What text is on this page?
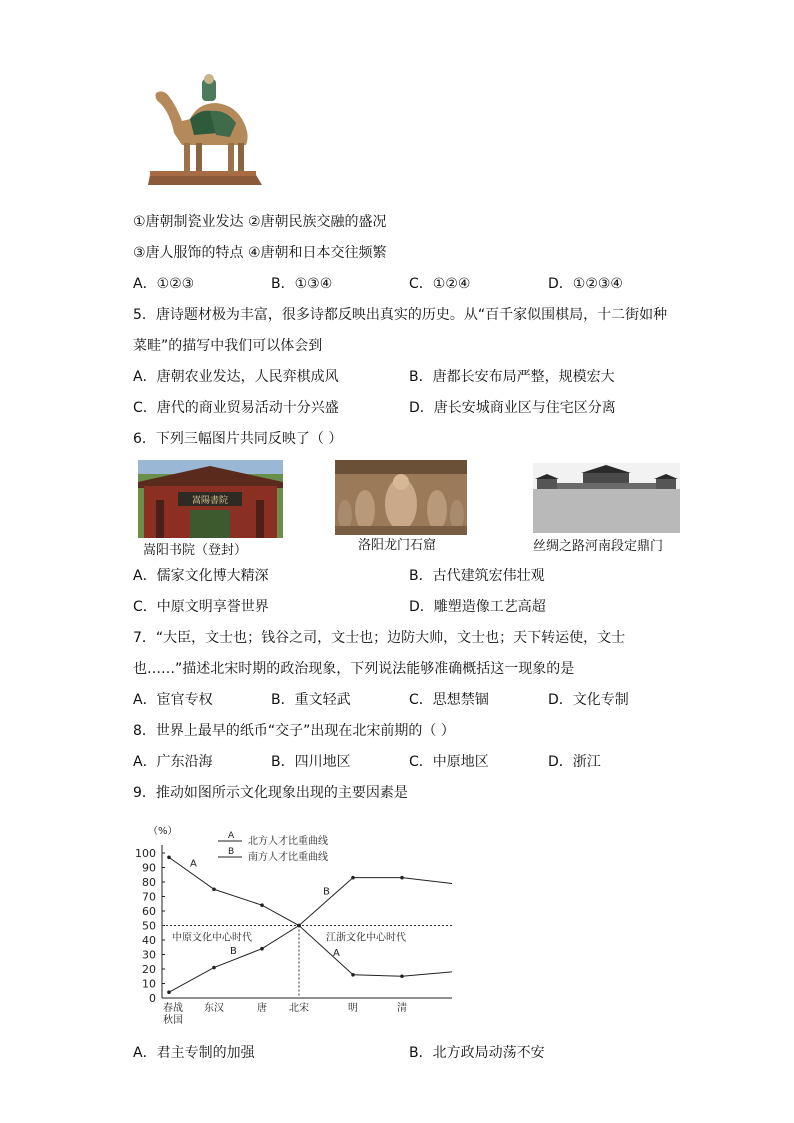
①唐朝制瓷业发达 ②唐朝民族交融的盛况
③唐人服饰的特点 ④唐朝和日本交往频繁
A．①②③	B．①③④	C．①②④	D．①②③④
5．唐诗题材极为丰富，很多诗都反映出真实的历史。从“百千家似围棋局，十二街如种
菜畦”的描写中我们可以体会到
A．唐朝农业发达，人民弈棋成风	B．唐都长安布局严整，规模宏大
C．唐代的商业贸易活动十分兴盛	D．唐长安城商业区与住宅区分离
6．下列三幅图片共同反映了（ ）
嵩陽書院
嵩阳书院（登封）	洛阳龙门石窟	丝绸之路河南段定鼎门
A．儒家文化博大精深	B．古代建筑宏伟壮观
C．中原文明享誉世界	D．雕塑造像工艺高超
7．“大臣，文士也；钱谷之司，文士也；边防大帅，文士也；天下转运使，文士
也……”描述北宋时期的政治现象，下列说法能够准确概括这一现象的是
A．宦官专权	B．重文轻武	C．思想禁锢	D．文化专制
8．世界上最早的纸币“交子”出现在北宋前期的（ ）
A．广东沿海	B．四川地区	C．中原地区	D．浙江
9．推动如图所示文化现象出现的主要因素是
（%）
0
10
20
30
40
50
60
70
80
90
100
春战
秋国
东汉	唐 北宋	明	清
中原文化中心时代	江浙文化中心时代
A
A
B
B
A 北方人才比重曲线
B 南方人才比重曲线
A．君主专制的加强	B．北方政局动荡不安
